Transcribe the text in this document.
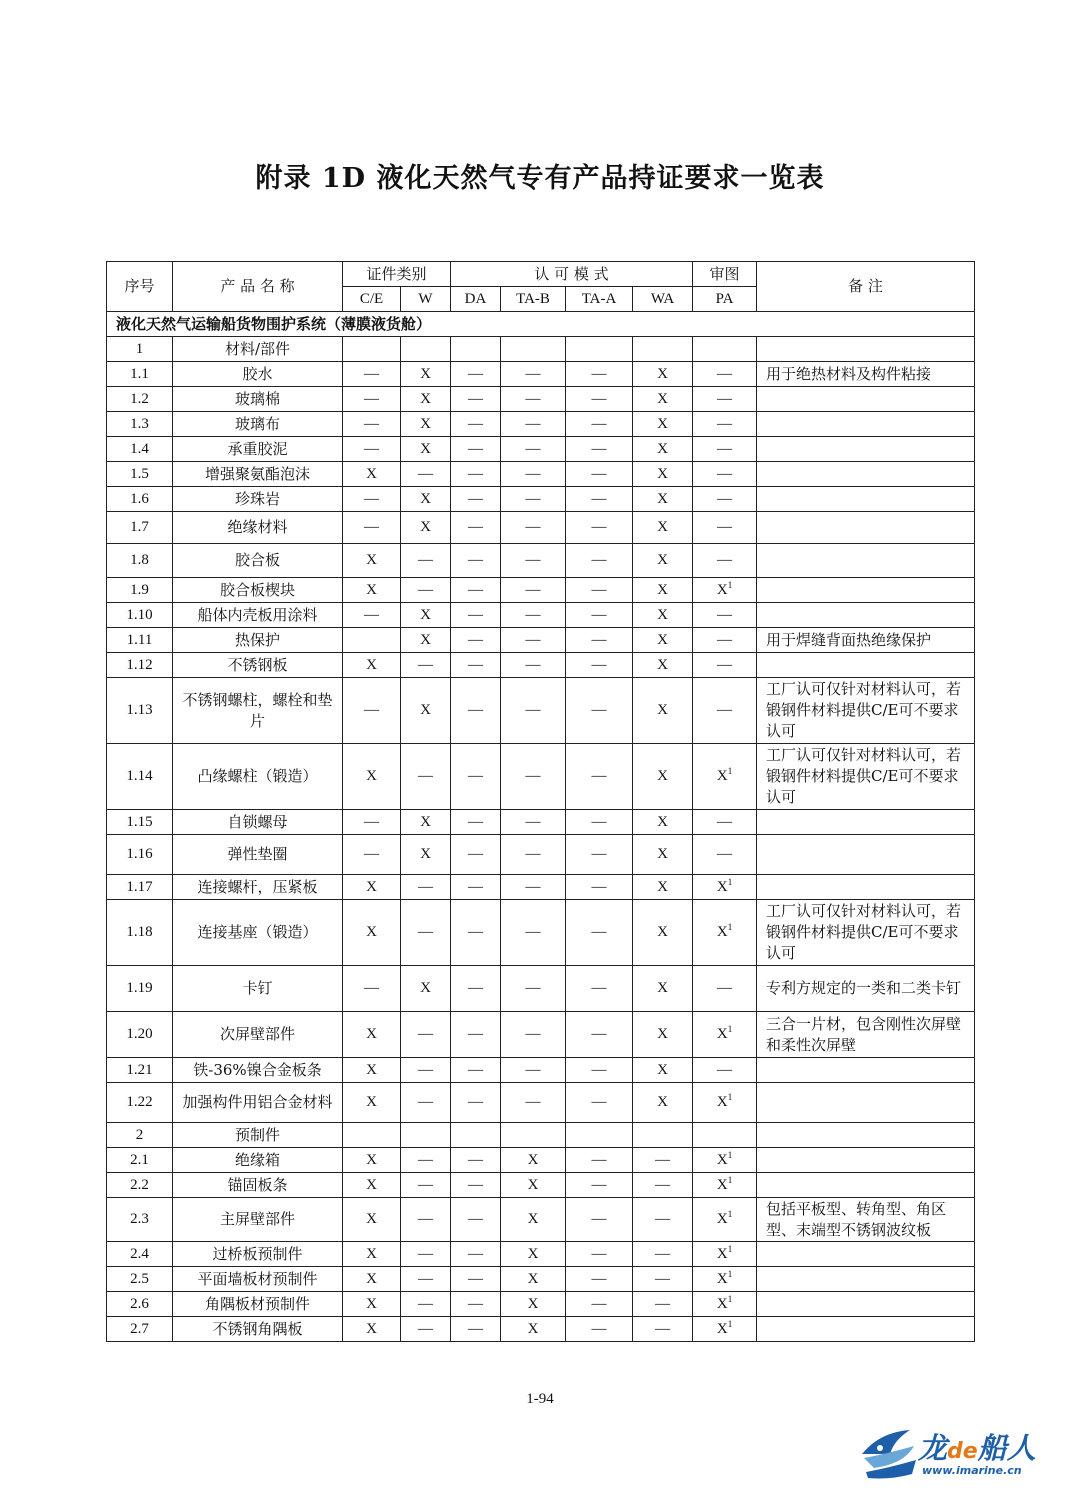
附录 1D 液化天然气专有产品持证要求一览表
序号	产 品 名 称	证件类别		认 可 模 式				审图	备 注	
		C/E	W	DA	TA-B	TA-A	WA	PA		
液化天然气运输船货物围护系统（薄膜液货舱）										
1	材料/部件									
1.1	胶水	—	X	—	—	—	X	—	用于绝热材料及构件粘接	
1.2	玻璃棉	—	X	—	—	—	X	—		
1.3	玻璃布	—	X	—	—	—	X	—		
1.4	承重胶泥	—	X	—	—	—	X	—		
1.5	增强聚氨酯泡沫	X	—	—	—	—	X	—		
1.6	珍珠岩	—	X	—	—	—	X	—		
1.7	绝缘材料	—	X	—	—	—	X	—		
1.8	胶合板	X	—	—	—	—	X	—		
1.9	胶合板楔块	X	—	—	—	—	X	$X^1$	
1.10	船体内壳板用涂料	—	X	—	—	—	X	—		
1.11	热保护		X	—	—	—	X	—	用于焊缝背面热绝缘保护	
1.12	不锈钢板	X	—	—	—	—	X	—		
1.13	不锈钢螺柱，螺栓和垫片	—	X	—	—	—	X	—	工厂认可仅针对材料认可，若锻钢件材料提供C/E可不要求认可	
1.14	凸缘螺柱（锻造）	X	—	—	—	—	X	$X^1$	工厂认可仅针对材料认可，若锻钢件材料提供C/E可不要求认可	
1.15	自锁螺母	—	X	—	—	—	X	—		
1.16	弹性垫圈	—	X	—	—	—	X	—		
1.17	连接螺杆，压紧板	X	—	—	—	—	X	$X^1$	
1.18	连接基座（锻造）	X	—	—	—	—	X	$X^1$	工厂认可仅针对材料认可，若锻钢件材料提供C/E可不要求认可	
1.19	卡钉	—	X	—	—	—	X	—	专利方规定的一类和二类卡钉	
1.20	次屏壁部件	X	—	—	—	—	X	$X^1$	三合一片材，包含刚性次屏壁和柔性次屏壁	
1.21	铁-36%镍合金板条	X	—	—	—	—	X	—		
1.22	加强构件用铝合金材料	X	—	—	—	—	X	$X^1$	
2	预制件									
2.1	绝缘箱	X	—	—	X	—	—	$X^1$	
2.2	锚固板条	X	—	—	X	—	—	$X^1$	
2.3	主屏壁部件	X	—	—	X	—	—	$X^1$	包括平板型、转角型、角区型、末端型不锈钢波纹板	
2.4	过桥板预制件	X	—	—	X	—	—	$X^1$	
2.5	平面墙板材预制件	X	—	—	X	—	—	$X^1$	
2.6	角隅板材预制件	X	—	—	X	—	—	$X^1$	
2.7	不锈钢角隅板	X	—	—	X	—	—	$X^1$	
1-94
龙de船人
www.imarine.cn
